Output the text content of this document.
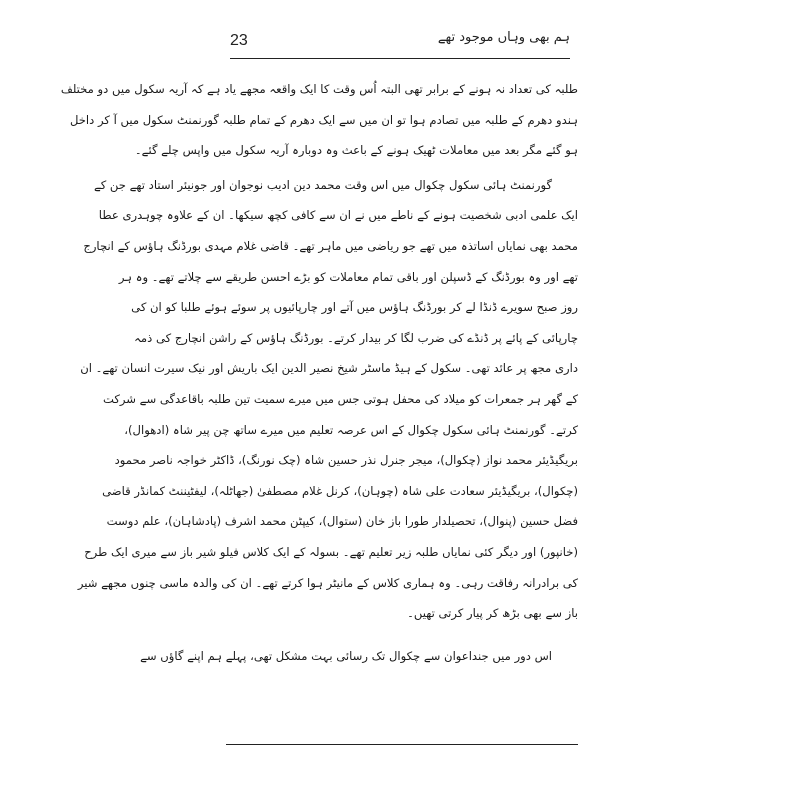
23	ہم بھی وہاں موجود تھے
طلبہ کی تعداد نہ ہونے کے برابر تھی البتہ اُس وقت کا ایک واقعہ مجھے یاد ہے کہ آریہ سکول میں دو مختلف
ہندو دھرم کے طلبہ میں تصادم ہوا تو ان میں سے ایک دھرم کے تمام طلبہ گورنمنٹ سکول میں آ کر داخل
ہو گئے مگر بعد میں معاملات ٹھیک ہونے کے باعث وہ دوبارہ آریہ سکول میں واپس چلے گئے۔
گورنمنٹ ہائی سکول چکوال میں اس وقت محمد دین ادیب نوجوان اور جونیئر استاد تھے جن کے
ایک علمی ادبی شخصیت ہونے کے ناطے میں نے ان سے کافی کچھ سیکھا۔ ان کے علاوہ چوہدری عطا
محمد بھی نمایاں اساتذہ میں تھے جو ریاضی میں ماہر تھے۔ قاضی غلام مہدی بورڈنگ ہاؤس کے انچارج
تھے اور وہ بورڈنگ کے ڈسپلن اور باقی تمام معاملات کو بڑے احسن طریقے سے چلاتے تھے۔ وہ ہر
روز صبح سویرے ڈنڈا لے کر بورڈنگ ہاؤس میں آتے اور چارپائیوں پر سوئے ہوئے طلبا کو ان کی
چارپائی کے پائے پر ڈنڈے کی ضرب لگا کر بیدار کرتے۔ بورڈنگ ہاؤس کے راشن انچارج کی ذمہ
داری مجھ پر عائد تھی۔ سکول کے ہیڈ ماسٹر شیخ نصیر الدین ایک باریش اور نیک سیرت انسان تھے۔ ان
کے گھر ہر جمعرات کو میلاد کی محفل ہوتی جس میں میرے سمیت تین طلبہ باقاعدگی سے شرکت
کرتے۔ گورنمنٹ ہائی سکول چکوال کے اس عرصہ تعلیم میں میرے ساتھ چن پیر شاہ (ادھوال)،
بریگیڈیئر محمد نواز (چکوال)، میجر جنرل نذر حسین شاہ (چک نورنگ)، ڈاکٹر خواجہ ناصر محمود
(چکوال)، بریگیڈیئر سعادت علی شاہ (چوہان)، کرنل غلام مصطفیٰ (جھاٹلہ)، لیفٹیننٹ کمانڈر قاضی
فضل حسین (پنوال)، تحصیلدار طورا باز خان (ستوال)، کیپٹن محمد اشرف (پادشاہان)، علم دوست
(خانپور) اور دیگر کئی نمایاں طلبہ زیر تعلیم تھے۔ بسولہ کے ایک کلاس فیلو شیر باز سے میری ایک طرح
کی برادرانہ رفاقت رہی۔ وہ ہماری کلاس کے مانیٹر ہوا کرتے تھے۔ ان کی والدہ ماسی چنوں مجھے شیر
باز سے بھی بڑھ کر پیار کرتی تھیں۔
اس دور میں جنداعوان سے چکوال تک رسائی بہت مشکل تھی، پہلے ہم اپنے گاؤں سے
